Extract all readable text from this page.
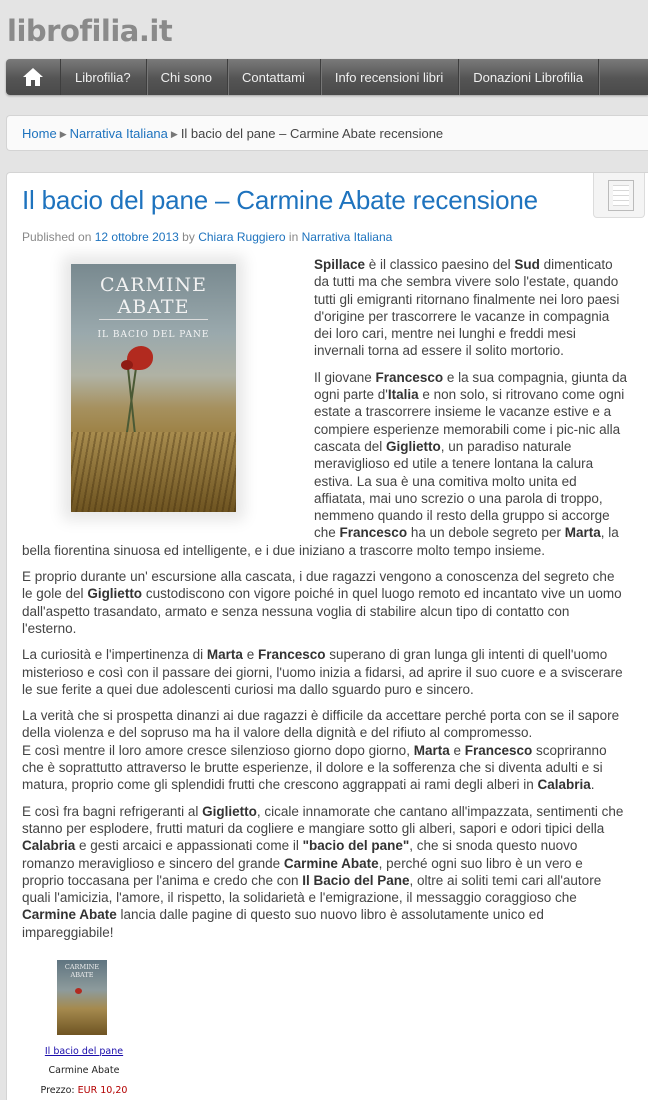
librofilia.it
Librofilia?	Chi sono	Contattami	Info recensioni libri	Donazioni Librofilia
Home ▶ Narrativa Italiana ▶ Il bacio del pane – Carmine Abate recensione
Il bacio del pane – Carmine Abate recensione
Published on 12 ottobre 2013 by Chiara Ruggiero in Narrativa Italiana
CARMINE ABATE
IL BACIO DEL PANE

Spillace è il classico paesino del Sud dimenticato da tutti ma che sembra vivere solo l'estate, quando tutti gli emigranti ritornano finalmente nei loro paesi d'origine per trascorrere le vacanze in compagnia dei loro cari, mentre nei lunghi e freddi mesi invernali torna ad essere il solito mortorio.

Il giovane Francesco e la sua compagnia, giunta da ogni parte d'Italia e non solo, si ritrovano come ogni estate a trascorrere insieme le vacanze estive e a compiere esperienze memorabili come i pic-nic alla cascata del Giglietto, un paradiso naturale meraviglioso ed utile a tenere lontana la calura estiva. La sua è una comitiva molto unita ed affiatata, mai uno screzio o una parola di troppo, nemmeno quando il resto della gruppo si accorge che Francesco ha un debole segreto per Marta, la bella fiorentina sinuosa ed intelligente, e i due iniziano a trascorre molto tempo insieme.

E proprio durante un' escursione alla cascata, i due ragazzi vengono a conoscenza del segreto che le gole del Giglietto custodiscono con vigore poiché in quel luogo remoto ed incantato vive un uomo dall'aspetto trasandato, armato e senza nessuna voglia di stabilire alcun tipo di contatto con l'esterno.

La curiosità e l'impertinenza di Marta e Francesco superano di gran lunga gli intenti di quell'uomo misterioso e così con il passare dei giorni, l'uomo inizia a fidarsi, ad aprire il suo cuore e a sviscerare le sue ferite a quei due adolescenti curiosi ma dallo sguardo puro e sincero.

La verità che si prospetta dinanzi ai due ragazzi è difficile da accettare perché porta con se il sapore della violenza e del sopruso ma ha il valore della dignità e del rifiuto al compromesso.
E così mentre il loro amore cresce silenzioso giorno dopo giorno, Marta e Francesco scopriranno che è soprattutto attraverso le brutte esperienze, il dolore e la sofferenza che si diventa adulti e si matura, proprio come gli splendidi frutti che crescono aggrappati ai rami degli alberi in Calabria.

E così fra bagni refrigeranti al Giglietto, cicale innamorate che cantano all'impazzata, sentimenti che stanno per esplodere, frutti maturi da cogliere e mangiare sotto gli alberi, sapori e odori tipici della Calabria e gesti arcaici e appassionati come il "bacio del pane", che si snoda questo nuovo romanzo meraviglioso e sincero del grande Carmine Abate, perché ogni suo libro è un vero e proprio toccasana per l'anima e credo che con Il Bacio del Pane, oltre ai soliti temi cari all'autore quali l'amicizia, l'amore, il rispetto, la solidarietà e l'emigrazione, il messaggio coraggioso che Carmine Abate lancia dalle pagine di questo suo nuovo libro è assolutamente unico ed impareggiabile!

CARMINE ABATE
Il bacio del pane
Carmine Abate
Prezzo: EUR 10,20
